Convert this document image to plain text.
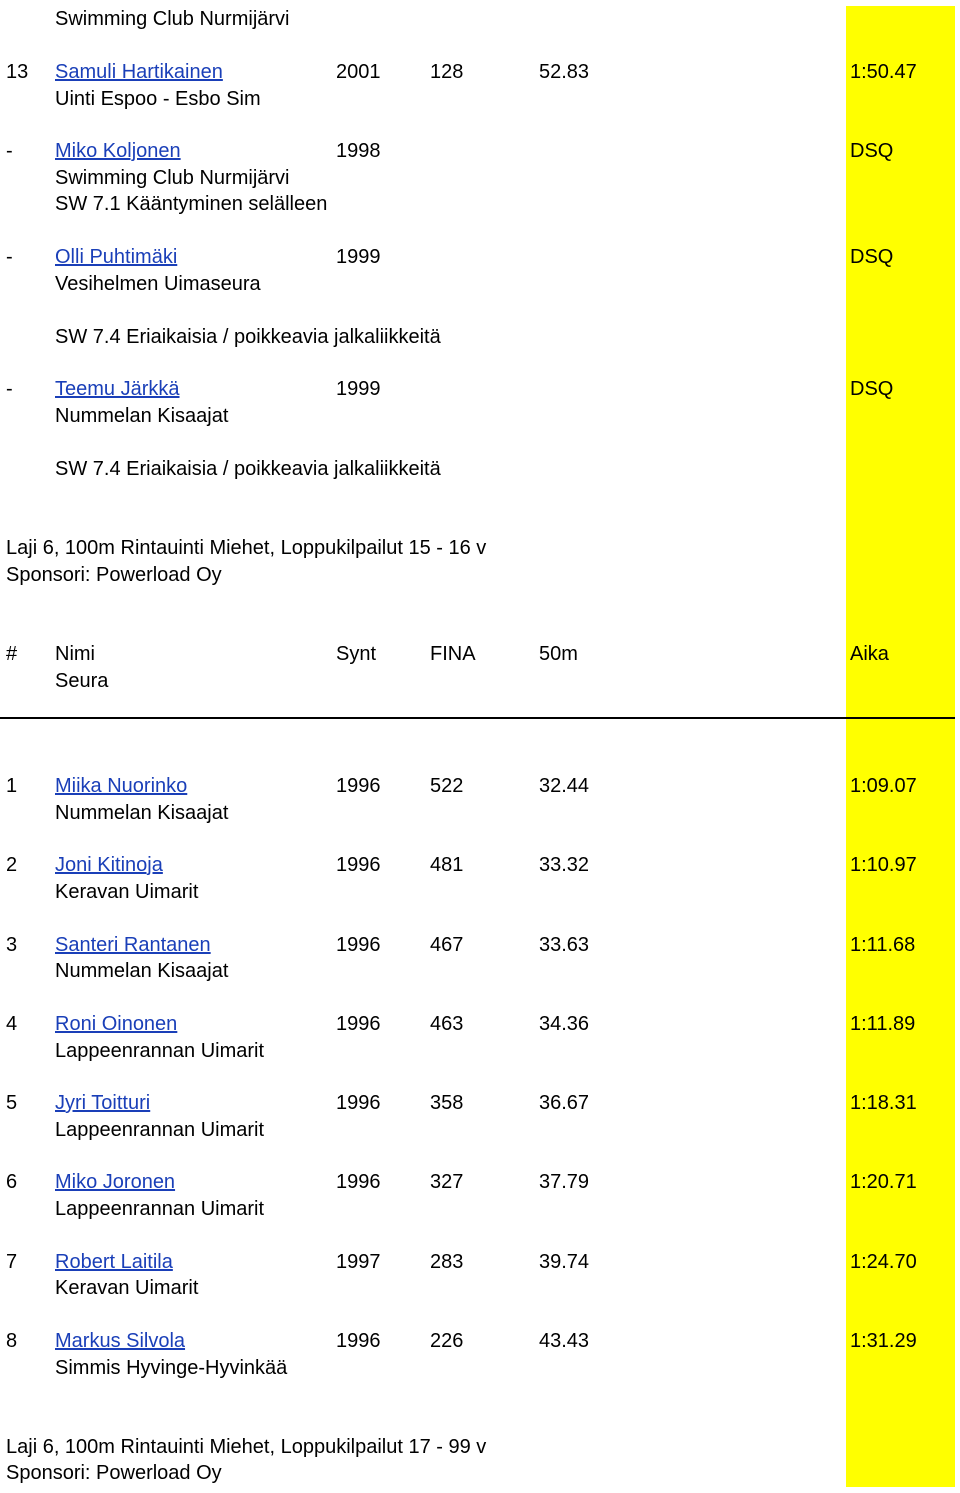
Swimming Club Nurmijärvi
13 Samuli Hartikainen	2001 128	52.83	1:50.47
Uinti Espoo - Esbo Sim
- Miko Koljonen	1998	DSQ
Swimming Club Nurmijärvi
SW 7.1 Kääntyminen selälleen
- Olli Puhtimäki	1999	DSQ
Vesihelmen Uimaseura
SW 7.4 Eriaikaisia / poikkeavia jalkaliikkeitä
- Teemu Järkkä	1999	DSQ
Nummelan Kisaajat
SW 7.4 Eriaikaisia / poikkeavia jalkaliikkeitä
Laji 6, 100m Rintauinti Miehet, Loppukilpailut 15 - 16 v
Sponsori: Powerload Oy
# Nimi	Synt	FINA	50m	Aika
Seura
1 Miika Nuorinko	1996 522	32.44	1:09.07
Nummelan Kisaajat
2 Joni Kitinoja	1996 481	33.32	1:10.97
Keravan Uimarit
3 Santeri Rantanen	1996 467	33.63	1:11.68
Nummelan Kisaajat
4 Roni Oinonen	1996 463	34.36	1:11.89
Lappeenrannan Uimarit
5 Jyri Toitturi	1996 358	36.67	1:18.31
Lappeenrannan Uimarit
6 Miko Joronen	1996 327	37.79	1:20.71
Lappeenrannan Uimarit
7 Robert Laitila	1997 283	39.74	1:24.70
Keravan Uimarit
8 Markus Silvola	1996 226	43.43	1:31.29
Simmis Hyvinge-Hyvinkää
Laji 6, 100m Rintauinti Miehet, Loppukilpailut 17 - 99 v
Sponsori: Powerload Oy
